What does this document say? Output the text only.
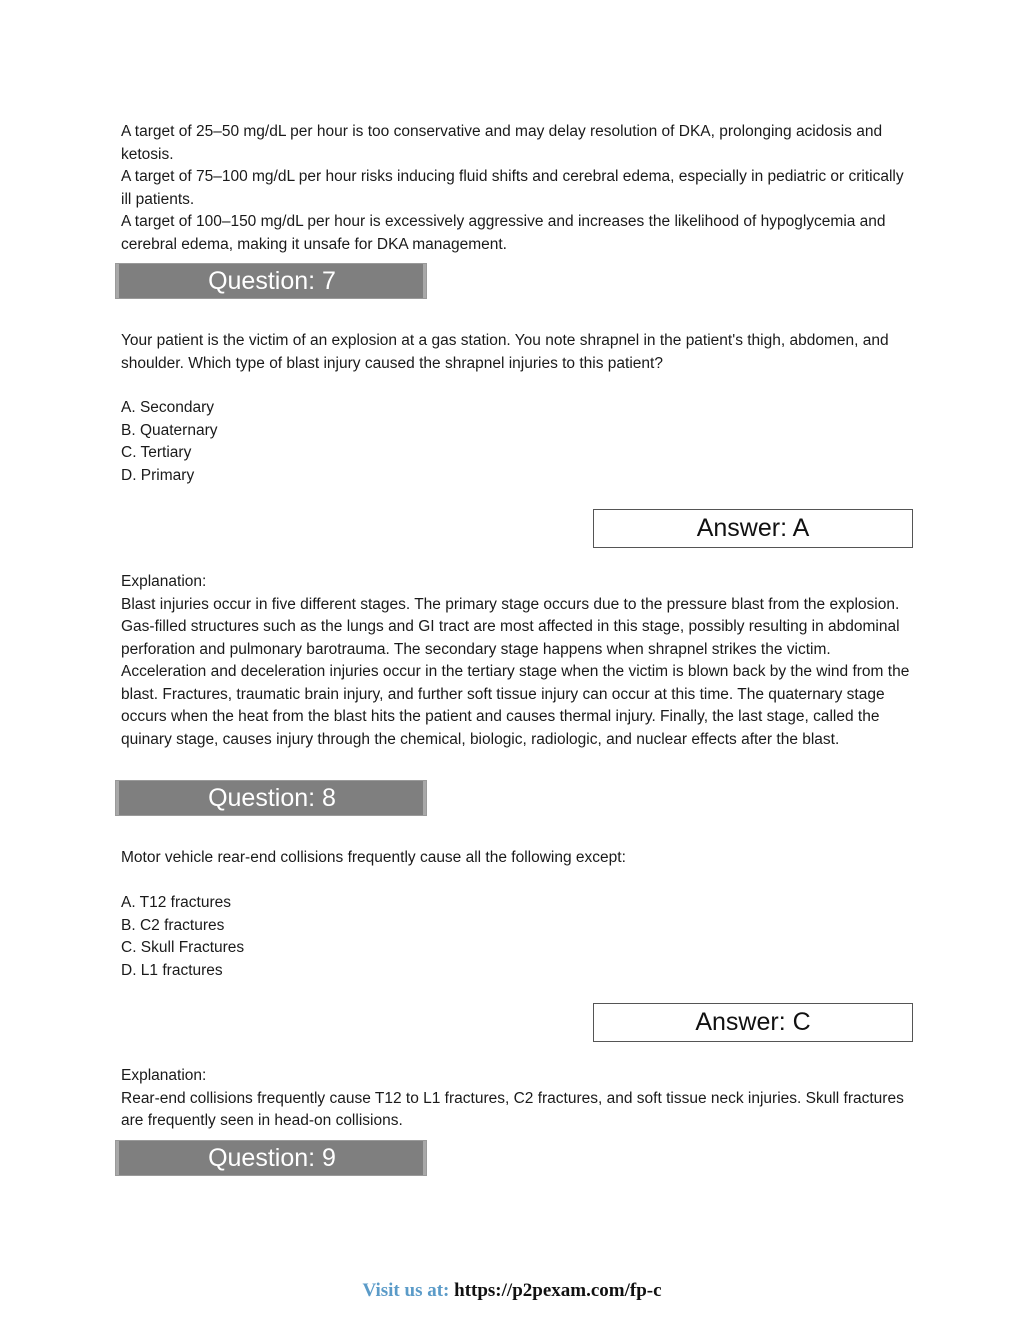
A target of 25–50 mg/dL per hour is too conservative and may delay resolution of DKA, prolonging acidosis and ketosis.

A target of 75–100 mg/dL per hour risks inducing fluid shifts and cerebral edema, especially in pediatric or critically ill patients.

A target of 100–150 mg/dL per hour is excessively aggressive and increases the likelihood of hypoglycemia and cerebral edema, making it unsafe for DKA management.

Question: 7

Your patient is the victim of an explosion at a gas station. You note shrapnel in the patient's thigh, abdomen, and shoulder. Which type of blast injury caused the shrapnel injuries to this patient?

A. Secondary

B. Quaternary

C. Tertiary

D. Primary

Answer: A

Explanation:

Blast injuries occur in five different stages. The primary stage occurs due to the pressure blast from the explosion. Gas-filled structures such as the lungs and GI tract are most affected in this stage, possibly resulting in abdominal perforation and pulmonary barotrauma. The secondary stage happens when shrapnel strikes the victim. Acceleration and deceleration injuries occur in the tertiary stage when the victim is blown back by the wind from the blast. Fractures, traumatic brain injury, and further soft tissue injury can occur at this time. The quaternary stage occurs when the heat from the blast hits the patient and causes thermal injury. Finally, the last stage, called the quinary stage, causes injury through the chemical, biologic, radiologic, and nuclear effects after the blast.

Question: 8

Motor vehicle rear-end collisions frequently cause all the following except:

A. T12 fractures

B. C2 fractures

C. Skull Fractures

D. L1 fractures

Answer: C

Explanation:

Rear-end collisions frequently cause T12 to L1 fractures, C2 fractures, and soft tissue neck injuries. Skull fractures are frequently seen in head-on collisions.

Question: 9
Visit us at: https://p2pexam.com/fp-c
